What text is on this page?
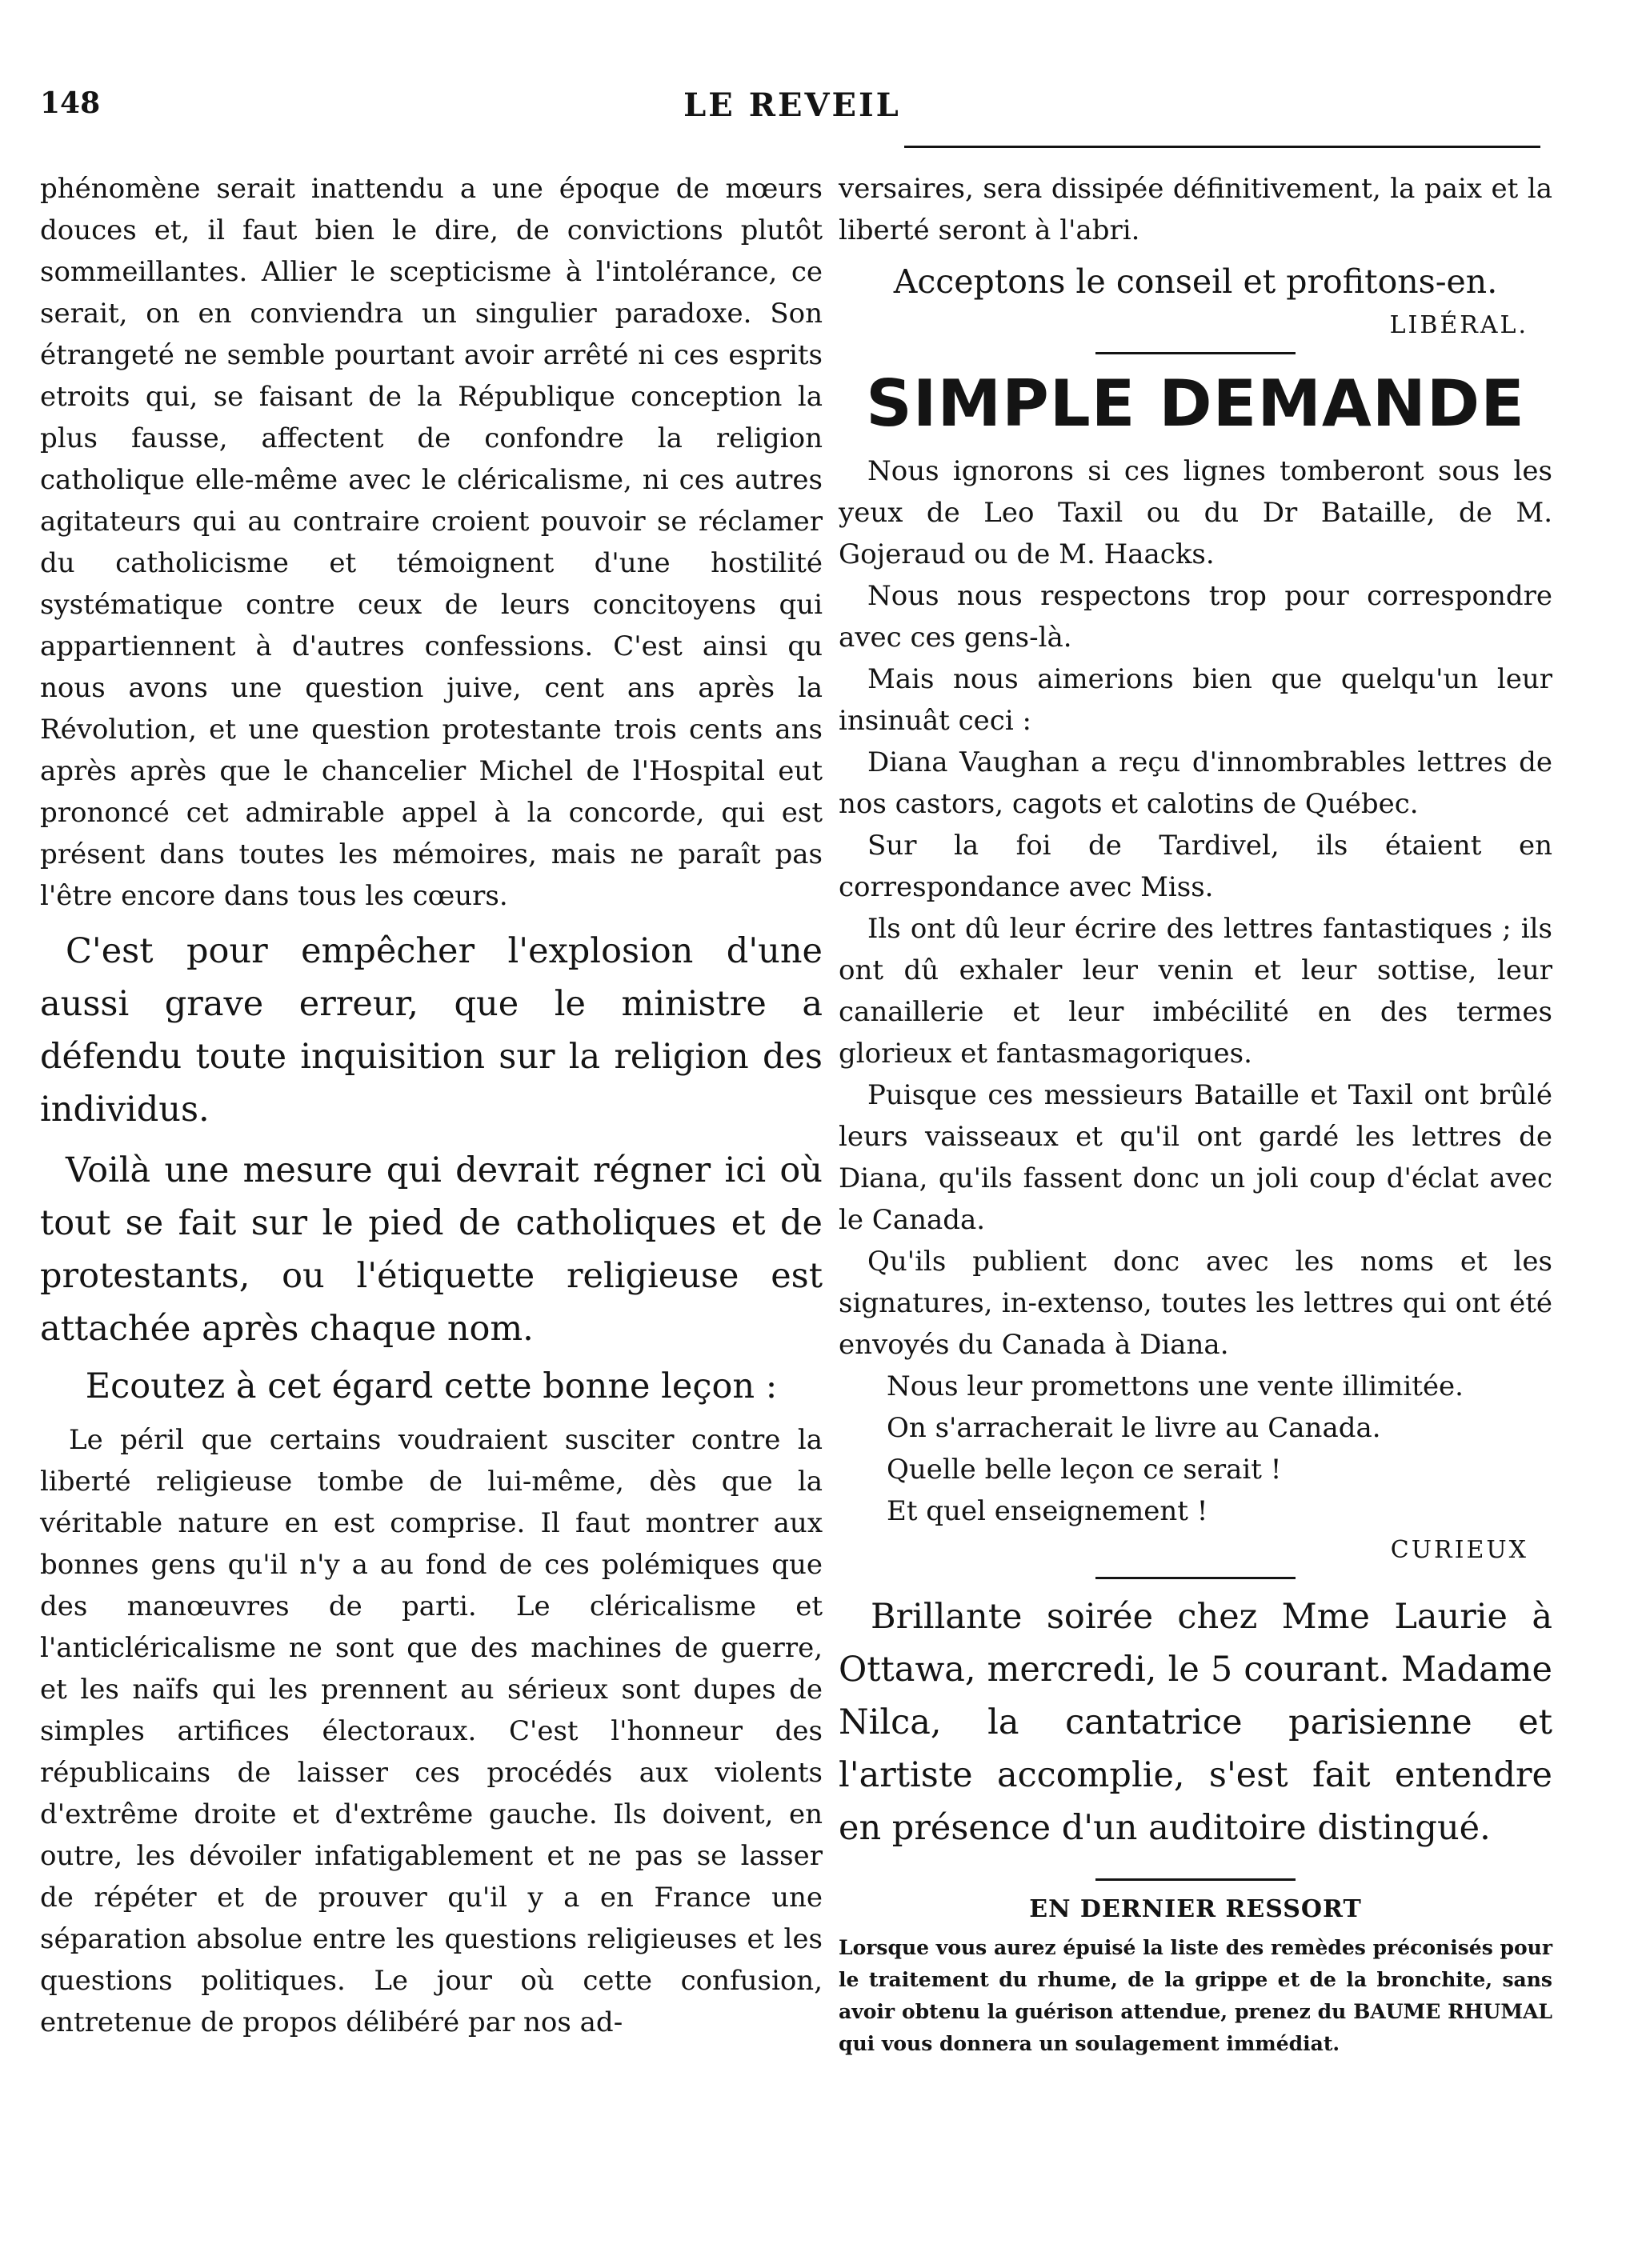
148	LE REVEIL

phénomène serait inattendu a une époque de mœurs douces et, il faut bien le dire, de convictions plutôt sommeillantes. Allier le scepticisme à l'intolérance, ce serait, on en conviendra un singulier paradoxe. Son étrangeté ne semble pourtant avoir arrêté ni ces esprits etroits qui, se faisant de la République conception la plus fausse, affectent de confondre la religion catholique elle-même avec le cléricalisme, ni ces autres agitateurs qui au contraire croient pouvoir se réclamer du catholicisme et témoignent d'une hostilité systématique contre ceux de leurs concitoyens qui appartiennent à d'autres confessions. C'est ainsi qu nous avons une question juive, cent ans après la Révolution, et une question protestante trois cents ans après après que le chancelier Michel de l'Hospital eut prononcé cet admirable appel à la concorde, qui est présent dans toutes les mémoires, mais ne paraît pas l'être encore dans tous les cœurs.

C'est pour empêcher l'explosion d'une aussi grave erreur, que le ministre a défendu toute inquisition sur la religion des individus.

Voilà une mesure qui devrait régner ici où tout se fait sur le pied de catholiques et de protestants, ou l'étiquette religieuse est attachée après chaque nom.

Ecoutez à cet égard cette bonne leçon :

Le péril que certains voudraient susciter contre la liberté religieuse tombe de lui-même, dès que la véritable nature en est comprise. Il faut montrer aux bonnes gens qu'il n'y a au fond de ces polémiques que des manœuvres de parti. Le cléricalisme et l'anticléricalisme ne sont que des machines de guerre, et les naïfs qui les prennent au sérieux sont dupes de simples artifices électoraux. C'est l'honneur des républicains de laisser ces procédés aux violents d'extrême droite et d'extrême gauche. Ils doivent, en outre, les dévoiler infatigablement et ne pas se lasser de répéter et de prouver qu'il y a en France une séparation absolue entre les questions religieuses et les questions politiques. Le jour où cette confusion, entretenue de propos délibéré par nos ad-

versaires, sera dissipée définitivement, la paix et la liberté seront à l'abri.

Acceptons le conseil et profitons-en.

LIBÉRAL.

SIMPLE DEMANDE

Nous ignorons si ces lignes tomberont sous les yeux de Leo Taxil ou du Dr Bataille, de M. Gojeraud ou de M. Haacks.

Nous nous respectons trop pour correspondre avec ces gens-là.

Mais nous aimerions bien que quelqu'un leur insinuât ceci :

Diana Vaughan a reçu d'innombrables lettres de nos castors, cagots et calotins de Québec.

Sur la foi de Tardivel, ils étaient en correspondance avec Miss.

Ils ont dû leur écrire des lettres fantastiques ; ils ont dû exhaler leur venin et leur sottise, leur canaillerie et leur imbécilité en des termes glorieux et fantasmagoriques.

Puisque ces messieurs Bataille et Taxil ont brûlé leurs vaisseaux et qu'il ont gardé les lettres de Diana, qu'ils fassent donc un joli coup d'éclat avec le Canada.

Qu'ils publient donc avec les noms et les signatures, in-extenso, toutes les lettres qui ont été envoyés du Canada à Diana.

Nous leur promettons une vente illimitée.

On s'arracherait le livre au Canada.

Quelle belle leçon ce serait !

Et quel enseignement !

CURIEUX

Brillante soirée chez Mme Laurie à Ottawa, mercredi, le 5 courant. Madame Nilca, la cantatrice parisienne et l'artiste accomplie, s'est fait entendre en présence d'un auditoire distingué.

EN DERNIER RESSORT

Lorsque vous aurez épuisé la liste des remèdes préconisés pour le traitement du rhume, de la grippe et de la bronchite, sans avoir obtenu la guérison attendue, prenez du BAUME RHUMAL qui vous donnera un soulagement immédiat.
